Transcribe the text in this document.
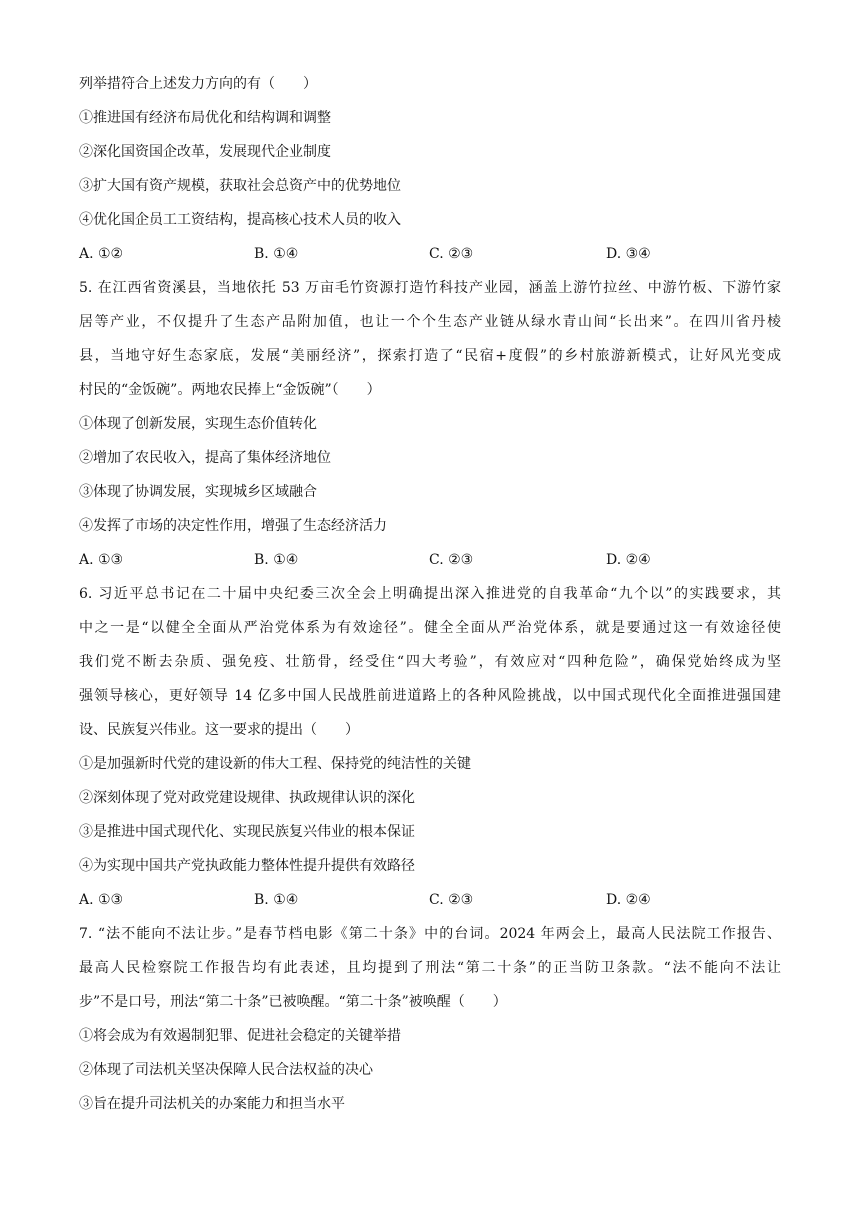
列举措符合上述发力方向的有（　　）
①推进国有经济布局优化和结构调和调整
②深化国资国企改革，发展现代企业制度
③扩大国有资产规模，获取社会总资产中的优势地位
④优化国企员工工资结构，提高核心技术人员的收入
A. ①②	B. ①④	C. ②③	D. ③④
5. 在江西省资溪县，当地依托 53 万亩毛竹资源打造竹科技产业园，涵盖上游竹拉丝、中游竹板、下游竹家
居等产业，不仅提升了生态产品附加值，也让一个个生态产业链从绿水青山间“长出来”。在四川省丹棱
县，当地守好生态家底，发展“美丽经济”，探索打造了“民宿+度假”的乡村旅游新模式，让好风光变成
村民的“金饭碗”。两地农民捧上“金饭碗”（　　）
①体现了创新发展，实现生态价值转化
②增加了农民收入，提高了集体经济地位
③体现了协调发展，实现城乡区域融合
④发挥了市场的决定性作用，增强了生态经济活力
A. ①③	B. ①④	C. ②③	D. ②④
6. 习近平总书记在二十届中央纪委三次全会上明确提出深入推进党的自我革命“九个以”的实践要求，其
中之一是“以健全全面从严治党体系为有效途径”。健全全面从严治党体系，就是要通过这一有效途径使
我们党不断去杂质、强免疫、壮筋骨，经受住“四大考验”，有效应对“四种危险”，确保党始终成为坚
强领导核心，更好领导 14 亿多中国人民战胜前进道路上的各种风险挑战，以中国式现代化全面推进强国建
设、民族复兴伟业。这一要求的提出（　　）
①是加强新时代党的建设新的伟大工程、保持党的纯洁性的关键
②深刻体现了党对政党建设规律、执政规律认识的深化
③是推进中国式现代化、实现民族复兴伟业的根本保证
④为实现中国共产党执政能力整体性提升提供有效路径
A. ①③	B. ①④	C. ②③	D. ②④
7. “法不能向不法让步。”是春节档电影《第二十条》中的台词。2024 年两会上，最高人民法院工作报告、
最高人民检察院工作报告均有此表述，且均提到了刑法“第二十条”的正当防卫条款。“法不能向不法让
步”不是口号，刑法“第二十条”已被唤醒。“第二十条”被唤醒（　　）
①将会成为有效遏制犯罪、促进社会稳定的关键举措
②体现了司法机关坚决保障人民合法权益的决心
③旨在提升司法机关的办案能力和担当水平
